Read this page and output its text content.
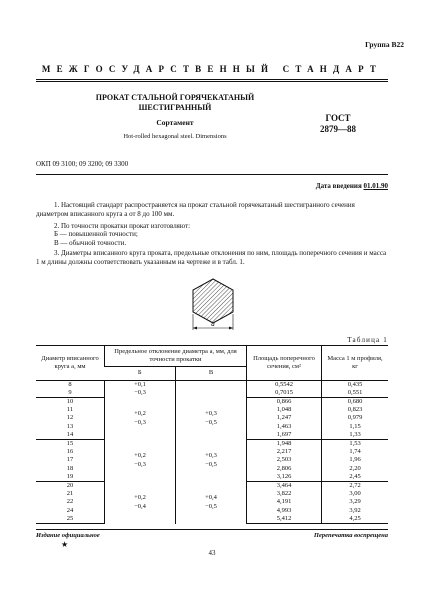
Группа В22
МЕЖГОСУДАРСТВЕННЫЙ СТАНДАРТ
ПРОКАТ СТАЛЬНОЙ ГОРЯЧЕКАТАНЫЙ
ШЕСТИГРАННЫЙ
Сортамент
Hot-rolled hexagonal steel. Dimensions
ГОСТ
2879—88
ОКП 09 3100; 09 3200; 09 3300
Дата введения 01.01.90
1. Настоящий стандарт распространяется на прокат стальной горячекатаный шестигранного сечения диаметром вписанного круга a от 8 до 100 мм.
2. По точности прокатки прокат изготовляют:
Б — повышенной точности;
В — обычной точности.
3. Диаметры вписанного круга проката, предельные отклонения по ним, площадь поперечного сечения и масса 1 м длины должны соответствовать указанным на чертеже и в табл. 1.
a
Таблица 1
Диаметр вписанного круга a, мм	Предельное отклонение диаметра a, мм, для точности прокатки		Площадь поперечного сечения, см²	Масса 1 м профиля, кг
	Б	В		
8	+0,1
−0,3		0,5542	0,435
9			0,7015	0,551
10	+0,2
−0,3	+0,3
−0,5	0,866	0,680
11			1,048	0,823
12			1,247	0,979
13			1,463	1,15
14			1,697	1,33
15	+0,2
−0,3	+0,3
−0,5	1,948	1,53
16			2,217	1,74
17			2,503	1,96
18			2,806	2,20
19			3,126	2,45
20	+0,2
−0,4	+0,4
−0,5	3,464	2,72
21			3,822	3,00
22			4,191	3,29
24			4,993	3,92
25			5,412	4,25
Издание официальное
★
Перепечатка воспрещена
43
